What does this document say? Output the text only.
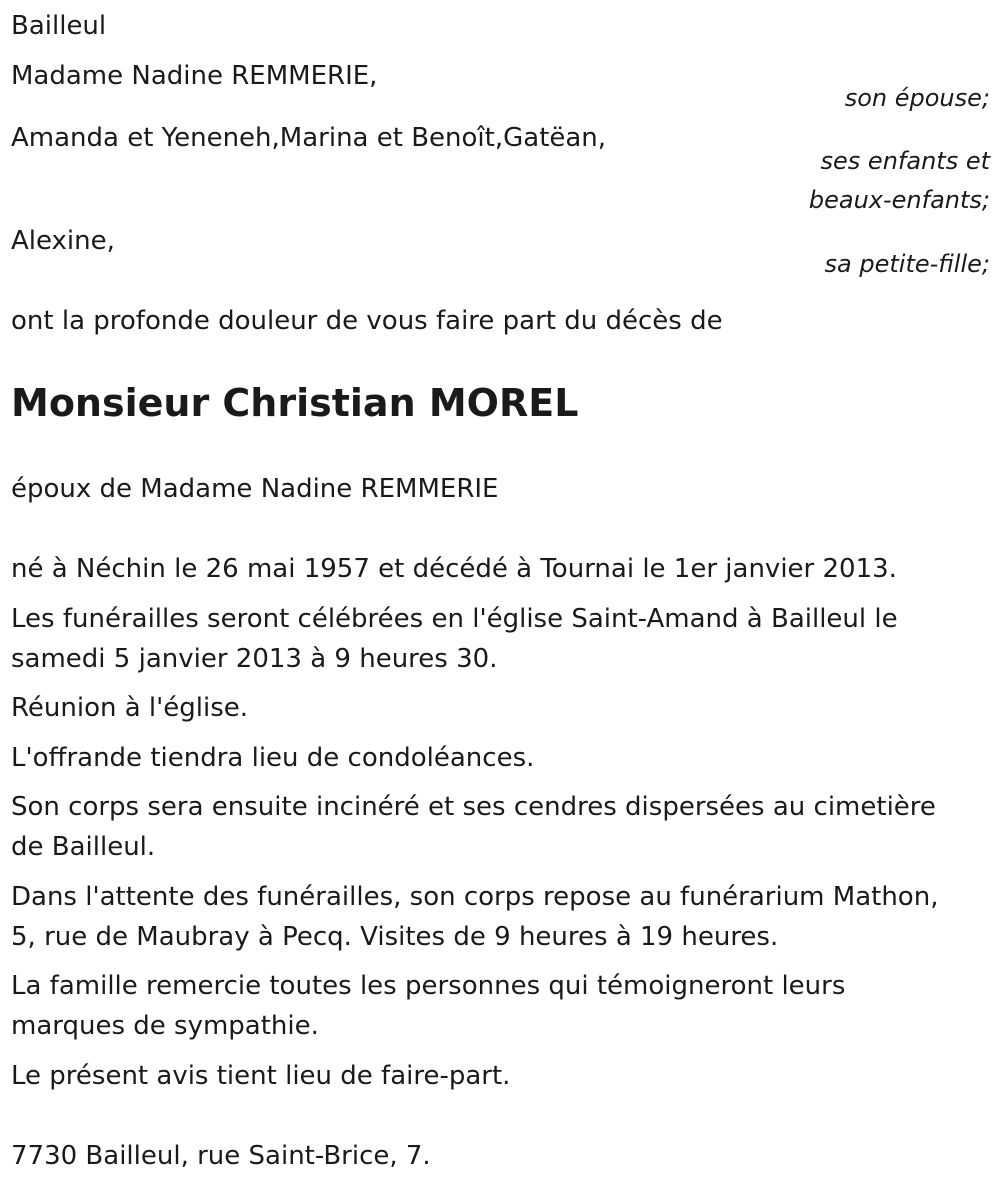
Bailleul
Madame Nadine REMMERIE,
son épouse;
Amanda et Yeneneh,Marina et Benoît,Gatëan,
ses enfants et
beaux-enfants;
Alexine,
sa petite-fille;
ont la profonde douleur de vous faire part du décès de
Monsieur Christian MOREL
époux de Madame Nadine REMMERIE
né à Néchin le 26 mai 1957 et décédé à Tournai le 1er janvier 2013.
Les funérailles seront célébrées en l'église Saint-Amand à Bailleul le
samedi 5 janvier 2013 à 9 heures 30.
Réunion à l'église.
L'offrande tiendra lieu de condoléances.
Son corps sera ensuite incinéré et ses cendres dispersées au cimetière
de Bailleul.
Dans l'attente des funérailles, son corps repose au funérarium Mathon,
5, rue de Maubray à Pecq. Visites de 9 heures à 19 heures.
La famille remercie toutes les personnes qui témoigneront leurs
marques de sympathie.
Le présent avis tient lieu de faire-part.
7730 Bailleul, rue Saint-Brice, 7.
